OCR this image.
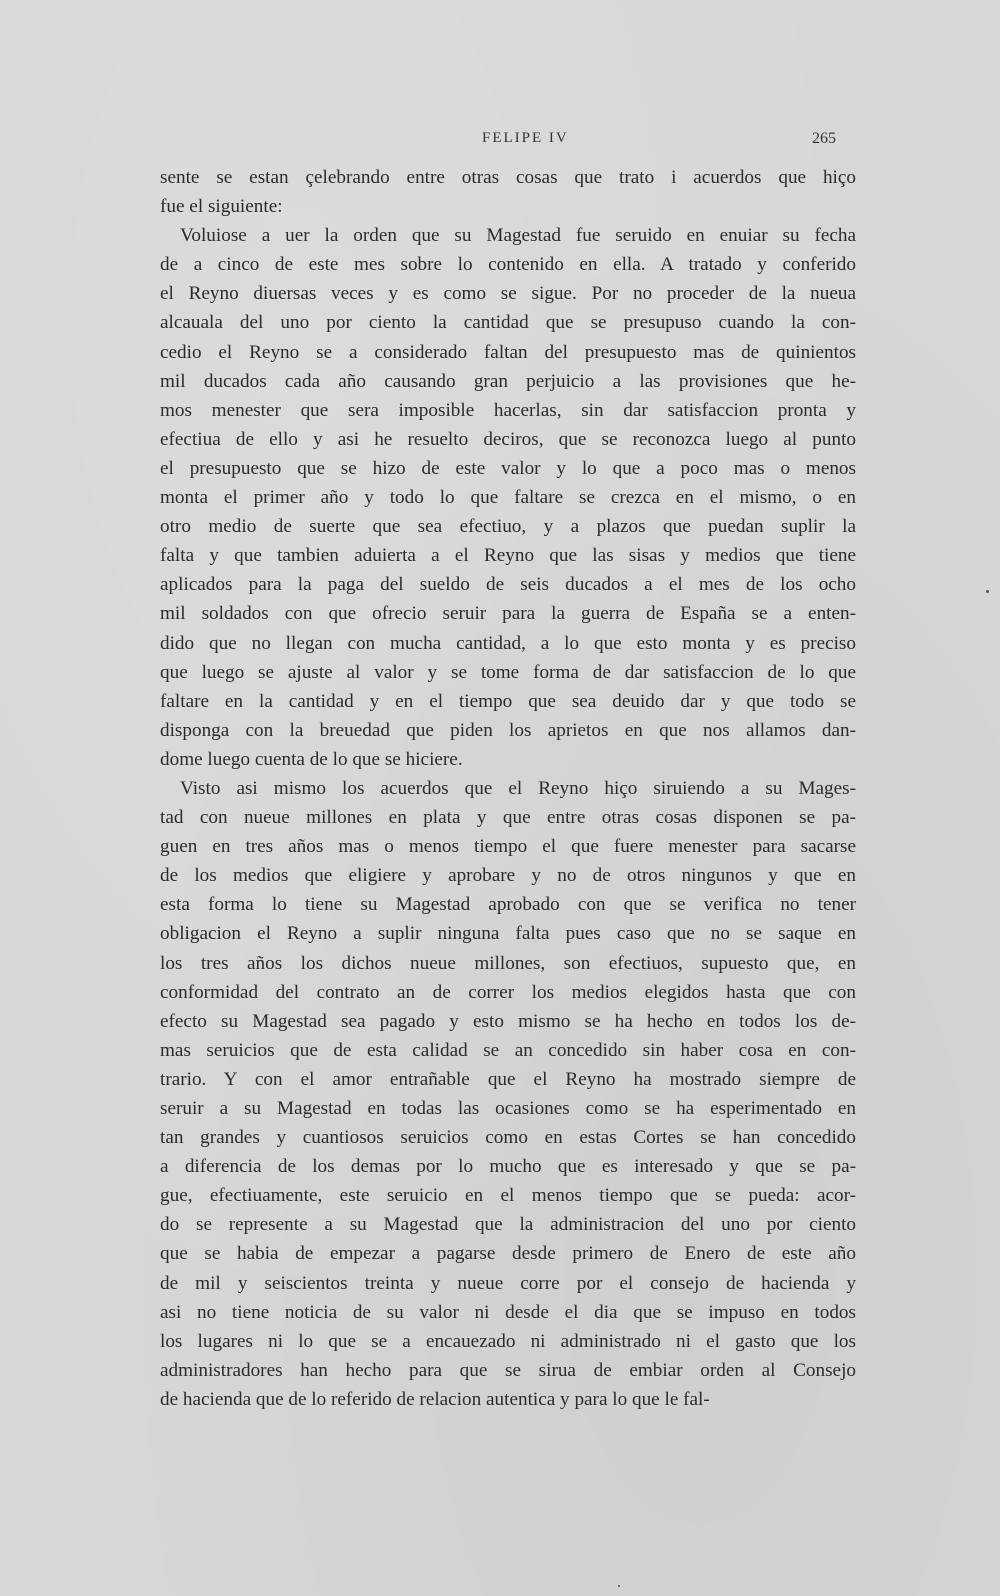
FELIPE IV	265

sente se estan çelebrando entre otras cosas que trato i acuerdos que hiço
fue el siguiente:

Voluiose a uer la orden que su Magestad fue seruido en enuiar su fecha
de a cinco de este mes sobre lo contenido en ella. A tratado y conferido
el Reyno diuersas veces y es como se sigue. Por no proceder de la nueua
alcauala del uno por ciento la cantidad que se presupuso cuando la con-
cedio el Reyno se a considerado faltan del presupuesto mas de quinientos
mil ducados cada año causando gran perjuicio a las provisiones que he-
mos menester que sera imposible hacerlas, sin dar satisfaccion pronta y
efectiua de ello y asi he resuelto deciros, que se reconozca luego al punto
el presupuesto que se hizo de este valor y lo que a poco mas o menos
monta el primer año y todo lo que faltare se crezca en el mismo, o en
otro medio de suerte que sea efectiuo, y a plazos que puedan suplir la
falta y que tambien aduierta a el Reyno que las sisas y medios que tiene
aplicados para la paga del sueldo de seis ducados a el mes de los ocho
mil soldados con que ofrecio seruir para la guerra de España se a enten-
dido que no llegan con mucha cantidad, a lo que esto monta y es preciso
que luego se ajuste al valor y se tome forma de dar satisfaccion de lo que
faltare en la cantidad y en el tiempo que sea deuido dar y que todo se
disponga con la breuedad que piden los aprietos en que nos allamos dan-
dome luego cuenta de lo que se hiciere.

Visto asi mismo los acuerdos que el Reyno hiço siruiendo a su Mages-
tad con nueue millones en plata y que entre otras cosas disponen se pa-
guen en tres años mas o menos tiempo el que fuere menester para sacarse
de los medios que eligiere y aprobare y no de otros ningunos y que en
esta forma lo tiene su Magestad aprobado con que se verifica no tener
obligacion el Reyno a suplir ninguna falta pues caso que no se saque en
los tres años los dichos nueue millones, son efectiuos, supuesto que, en
conformidad del contrato an de correr los medios elegidos hasta que con
efecto su Magestad sea pagado y esto mismo se ha hecho en todos los de-
mas seruicios que de esta calidad se an concedido sin haber cosa en con-
trario. Y con el amor entrañable que el Reyno ha mostrado siempre de
seruir a su Magestad en todas las ocasiones como se ha esperimentado en
tan grandes y cuantiosos seruicios como en estas Cortes se han concedido
a diferencia de los demas por lo mucho que es interesado y que se pa-
gue, efectiuamente, este seruicio en el menos tiempo que se pueda: acor-
do se represente a su Magestad que la administracion del uno por ciento
que se habia de empezar a pagarse desde primero de Enero de este año
de mil y seiscientos treinta y nueue corre por el consejo de hacienda y
asi no tiene noticia de su valor ni desde el dia que se impuso en todos
los lugares ni lo que se a encauezado ni administrado ni el gasto que los
administradores han hecho para que se sirua de embiar orden al Consejo
de hacienda que de lo referido de relacion autentica y para lo que le fal-
